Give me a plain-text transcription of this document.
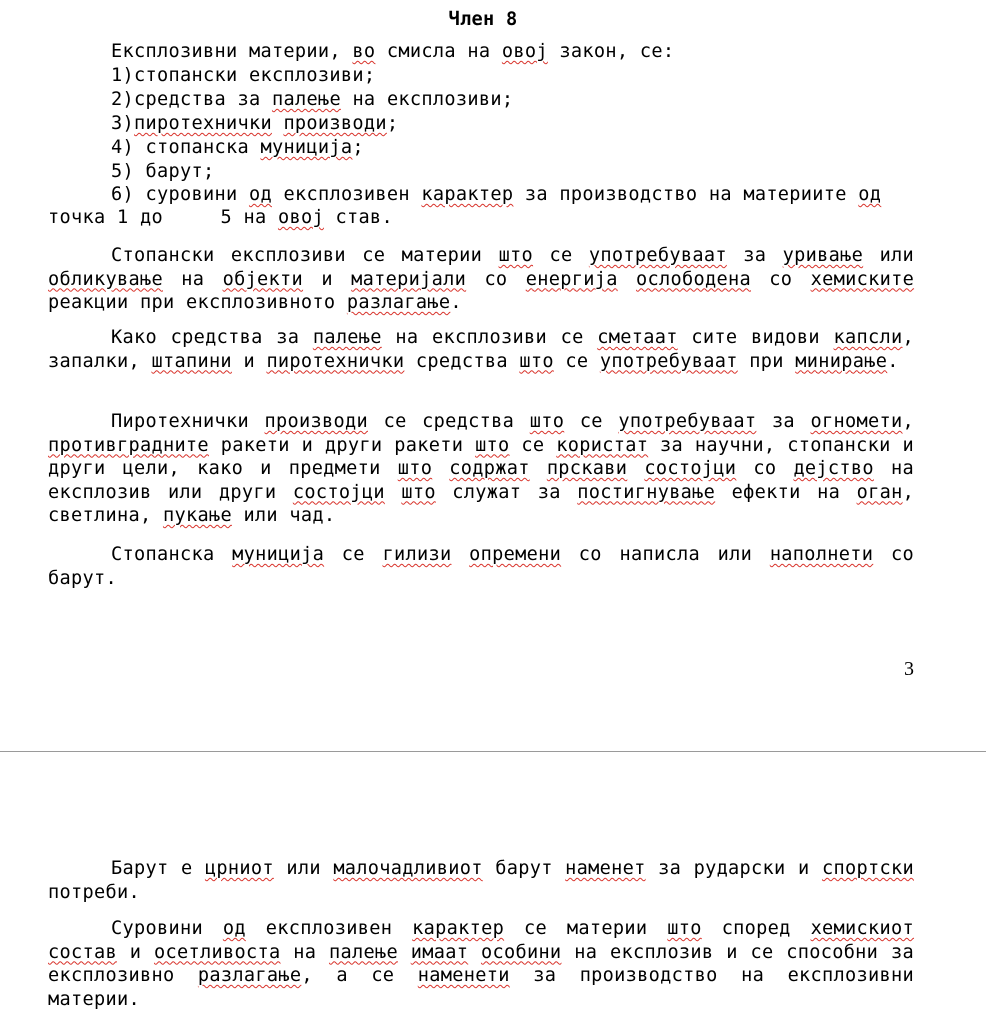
Член 8
Експлозивни материи, во смисла на овој закон, се:
1)стопански експлозиви;
2)средства за палење на експлозиви;
3)пиротехнички производи;
4) стопанска муниција;
5) барут;
6) суровини од експлозивен карактер за производство на материите од
точка 1 до	5 на овој став.
Стопански експлозиви се материи што се употребуваат за уривање или обликување на објекти и материјали со енергија ослободена со хемиските реакции при експлозивното разлагање.
Како средства за палење на експлозиви се сметаат сите видови капсли, запалки, штапини и пиротехнички средства што се употребуваат при минирање.
Пиротехнички производи се средства што се употребуваат за огномети, противградните ракети и други ракети што се користат за научни, стопански и други цели, како и предмети што содржат прскави состојци со дејство на експлозив или други состојци што служат за постигнување ефекти на оган, светлина, пукање или чад.
Стопанска муниција се гилизи опремени со написла или наполнети со барут.
3
Барут е црниот или малочадливиот барут наменет за рударски и спортски потреби.
Суровини од експлозивен карактер се материи што според хемискиот состав и осетливоста на палење имаат особини на експлозив и се способни за експлозивно разлагање, а се наменети за производство на експлозивни материи.
